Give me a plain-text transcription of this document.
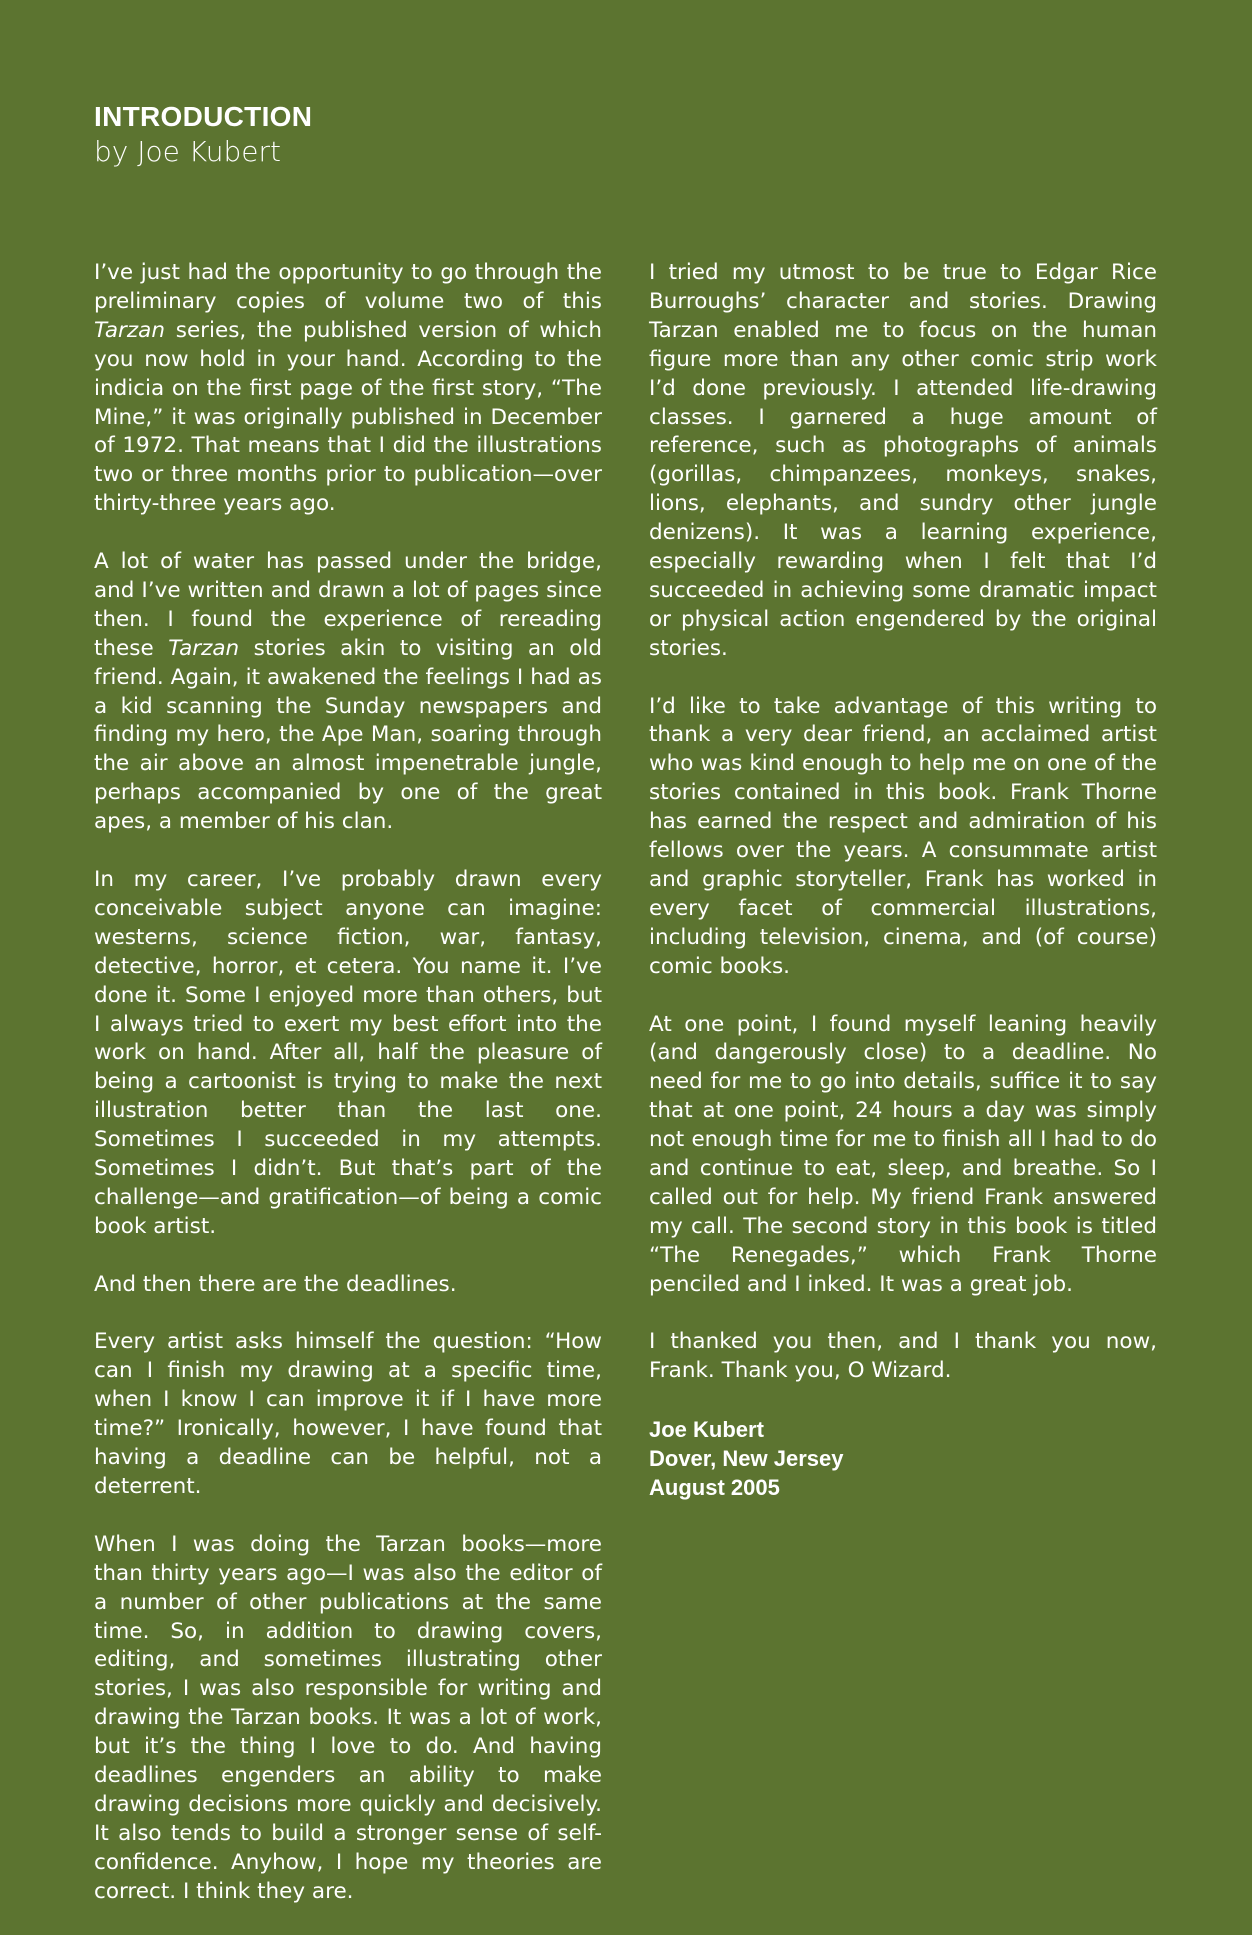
INTRODUCTION

by Joe Kubert

I’ve just had the opportunity to go through the preliminary copies of volume two of this Tarzan series, the published version of which you now hold in your hand. According to the indicia on the first page of the first story, “The Mine,” it was originally published in December of 1972. That means that I did the illustrations two or three months prior to publication—over thirty-three years ago.

A lot of water has passed under the bridge, and I’ve written and drawn a lot of pages since then. I found the experience of rereading these Tarzan stories akin to visiting an old friend. Again, it awakened the feelings I had as a kid scanning the Sunday newspapers and finding my hero, the Ape Man, soaring through the air above an almost impenetrable jungle, perhaps accompanied by one of the great apes, a member of his clan.

In my career, I’ve probably drawn every conceivable subject anyone can imagine: westerns, science fiction, war, fantasy, detective, horror, et cetera. You name it. I’ve done it. Some I enjoyed more than others, but I always tried to exert my best effort into the work on hand. After all, half the pleasure of being a cartoonist is trying to make the next illustration better than the last one. Sometimes I succeeded in my attempts. Sometimes I didn’t. But that’s part of the challenge—and gratification—of being a comic book artist.

And then there are the deadlines.

Every artist asks himself the question: “How can I finish my drawing at a specific time, when I know I can improve it if I have more time?” Ironically, however, I have found that having a deadline can be helpful, not a deterrent.

When I was doing the Tarzan books—more than thirty years ago—I was also the editor of a number of other publications at the same time. So, in addition to drawing covers, editing, and sometimes illustrating other stories, I was also responsible for writing and drawing the Tarzan books. It was a lot of work, but it’s the thing I love to do. And having deadlines engenders an ability to make drawing decisions more quickly and decisively. It also tends to build a stronger sense of self-confidence. Anyhow, I hope my theories are correct. I think they are.

I tried my utmost to be true to Edgar Rice Burroughs’ character and stories. Drawing Tarzan enabled me to focus on the human figure more than any other comic strip work I’d done previously. I attended life-drawing classes. I garnered a huge amount of reference, such as photographs of animals (gorillas, chimpanzees, monkeys, snakes, lions, elephants, and sundry other jungle denizens). It was a learning experience, especially rewarding when I felt that I’d succeeded in achieving some dramatic impact or physical action engendered by the original stories.

I’d like to take advantage of this writing to thank a very dear friend, an acclaimed artist who was kind enough to help me on one of the stories contained in this book. Frank Thorne has earned the respect and admiration of his fellows over the years. A consummate artist and graphic storyteller, Frank has worked in every facet of commercial illustrations, including television, cinema, and (of course) comic books.

At one point, I found myself leaning heavily (and dangerously close) to a deadline. No need for me to go into details, suffice it to say that at one point, 24 hours a day was simply not enough time for me to finish all I had to do and continue to eat, sleep, and breathe. So I called out for help. My friend Frank answered my call. The second story in this book is titled “The Renegades,” which Frank Thorne penciled and I inked. It was a great job.

I thanked you then, and I thank you now, Frank. Thank you, O Wizard.

Joe Kubert
Dover, New Jersey
August 2005
